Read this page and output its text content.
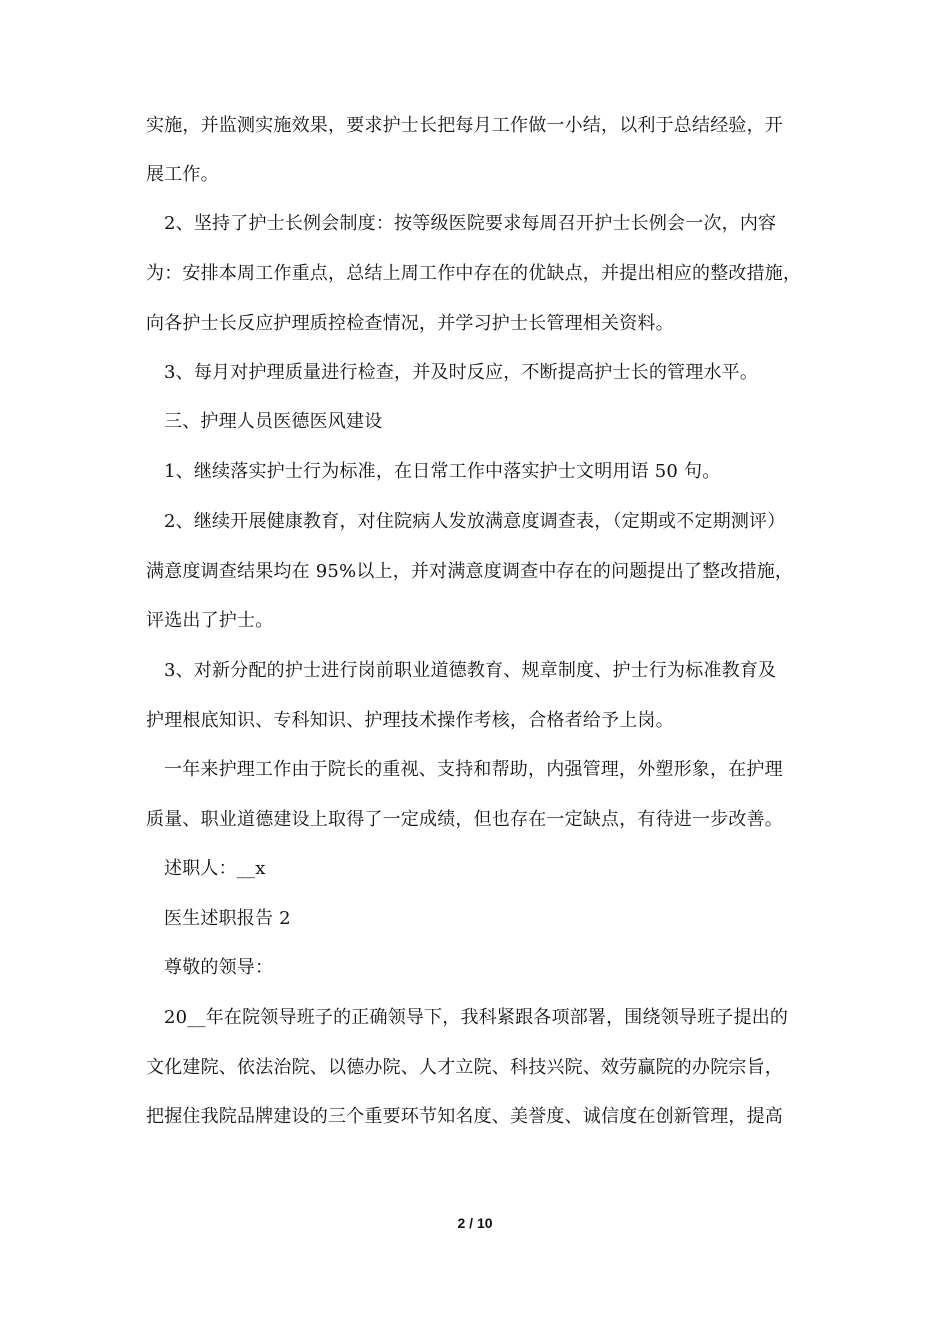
实施，并监测实施效果，要求护士长把每月工作做一小结，以利于总结经验，开
展工作。
2、坚持了护士长例会制度：按等级医院要求每周召开护士长例会一次，内容
为：安排本周工作重点，总结上周工作中存在的优缺点，并提出相应的整改措施，
向各护士长反应护理质控检查情况，并学习护士长管理相关资料。
3、每月对护理质量进行检查，并及时反应，不断提高护士长的管理水平。
三、护理人员医德医风建设
1、继续落实护士行为标准，在日常工作中落实护士文明用语 50 句。
2、继续开展健康教育，对住院病人发放满意度调查表，（定期或不定期测评）
满意度调查结果均在 95%以上，并对满意度调查中存在的问题提出了整改措施，
评选出了护士。
3、对新分配的护士进行岗前职业道德教育、规章制度、护士行为标准教育及
护理根底知识、专科知识、护理技术操作考核，合格者给予上岗。
一年来护理工作由于院长的重视、支持和帮助，内强管理，外塑形象，在护理
质量、职业道德建设上取得了一定成绩，但也存在一定缺点，有待进一步改善。
述职人：__x
医生述职报告 2
尊敬的领导：
20__年在院领导班子的正确领导下，我科紧跟各项部署，围绕领导班子提出的
文化建院、依法治院、以德办院、人才立院、科技兴院、效劳赢院的办院宗旨，
把握住我院品牌建设的三个重要环节知名度、美誉度、诚信度在创新管理，提高
2 / 10
